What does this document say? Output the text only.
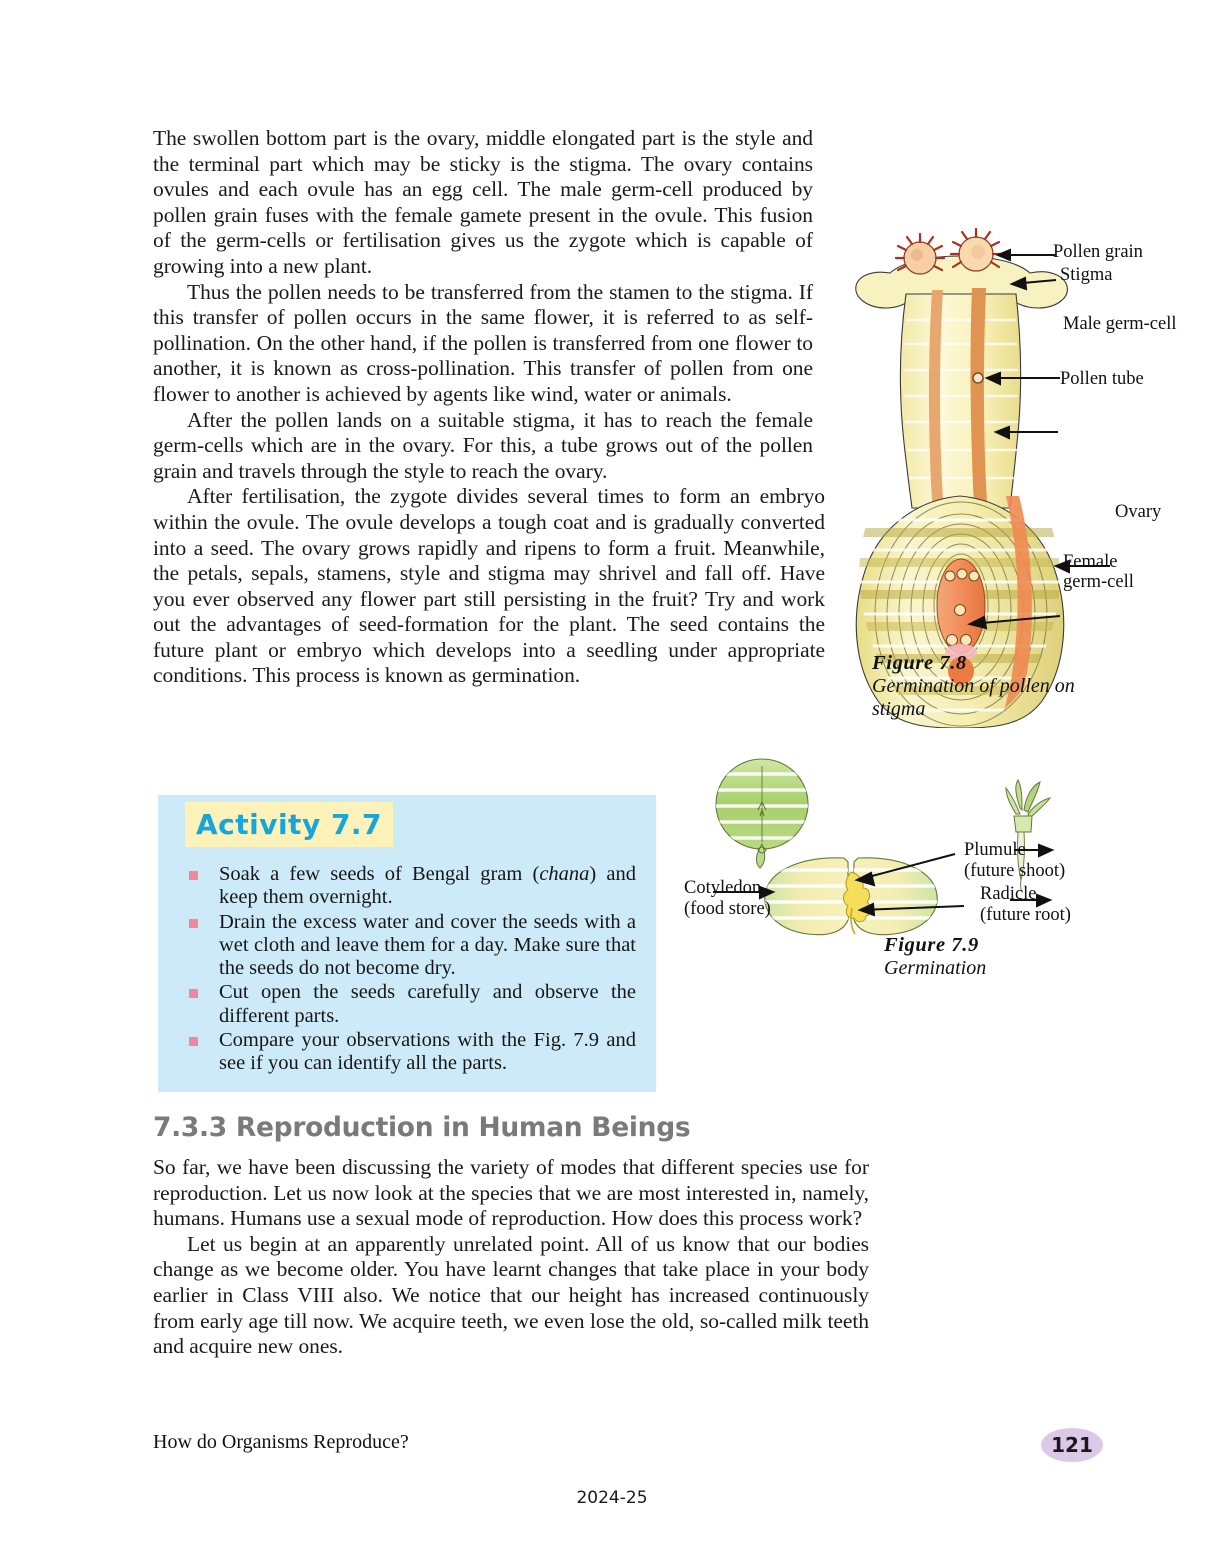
The swollen bottom part is the ovary, middle elongated part is the style and the terminal part which may be sticky is the stigma. The ovary contains ovules and each ovule has an egg cell. The male germ-cell produced by pollen grain fuses with the female gamete present in the ovule. This fusion of the germ-cells or fertilisation gives us the zygote which is capable of growing into a new plant.

Thus the pollen needs to be transferred from the stamen to the stigma. If this transfer of pollen occurs in the same flower, it is referred to as self-pollination. On the other hand, if the pollen is transferred from one flower to another, it is known as cross-pollination. This transfer of pollen from one flower to another is achieved by agents like wind, water or animals.

After the pollen lands on a suitable stigma, it has to reach the female germ-cells which are in the ovary. For this, a tube grows out of the pollen grain and travels through the style to reach the ovary.

After fertilisation, the zygote divides several times to form an embryo within the ovule. The ovule develops a tough coat and is gradually converted into a seed. The ovary grows rapidly and ripens to form a fruit. Meanwhile, the petals, sepals, stamens, style and stigma may shrivel and fall off. Have you ever observed any flower part still persisting in the fruit? Try and work out the advantages of seed-formation for the plant. The seed contains the future plant or embryo which develops into a seedling under appropriate conditions. This process is known as germination.

Pollen grain
Stigma
Male germ-cell
Pollen tube
Ovary
Female
germ-cell
Figure 7.8
Germination of pollen on stigma
Cotyledon
(food store)
Plumule
(future shoot)
Radicle
(future root)
Figure 7.9
Germination
Activity 7.7
Soak a few seeds of Bengal gram (chana) and keep them overnight.
Drain the excess water and cover the seeds with a wet cloth and leave them for a day. Make sure that the seeds do not become dry.
Cut open the seeds carefully and observe the different parts.
Compare your observations with the Fig. 7.9 and see if you can identify all the parts.
7.3.3 Reproduction in Human Beings

So far, we have been discussing the variety of modes that different species use for reproduction. Let us now look at the species that we are most interested in, namely, humans. Humans use a sexual mode of reproduction. How does this process work?

Let us begin at an apparently unrelated point. All of us know that our bodies change as we become older. You have learnt changes that take place in your body earlier in Class VIII also. We notice that our height has increased continuously from early age till now. We acquire teeth, we even lose the old, so-called milk teeth and acquire new ones.

How do Organisms Reproduce?	121
2024-25
